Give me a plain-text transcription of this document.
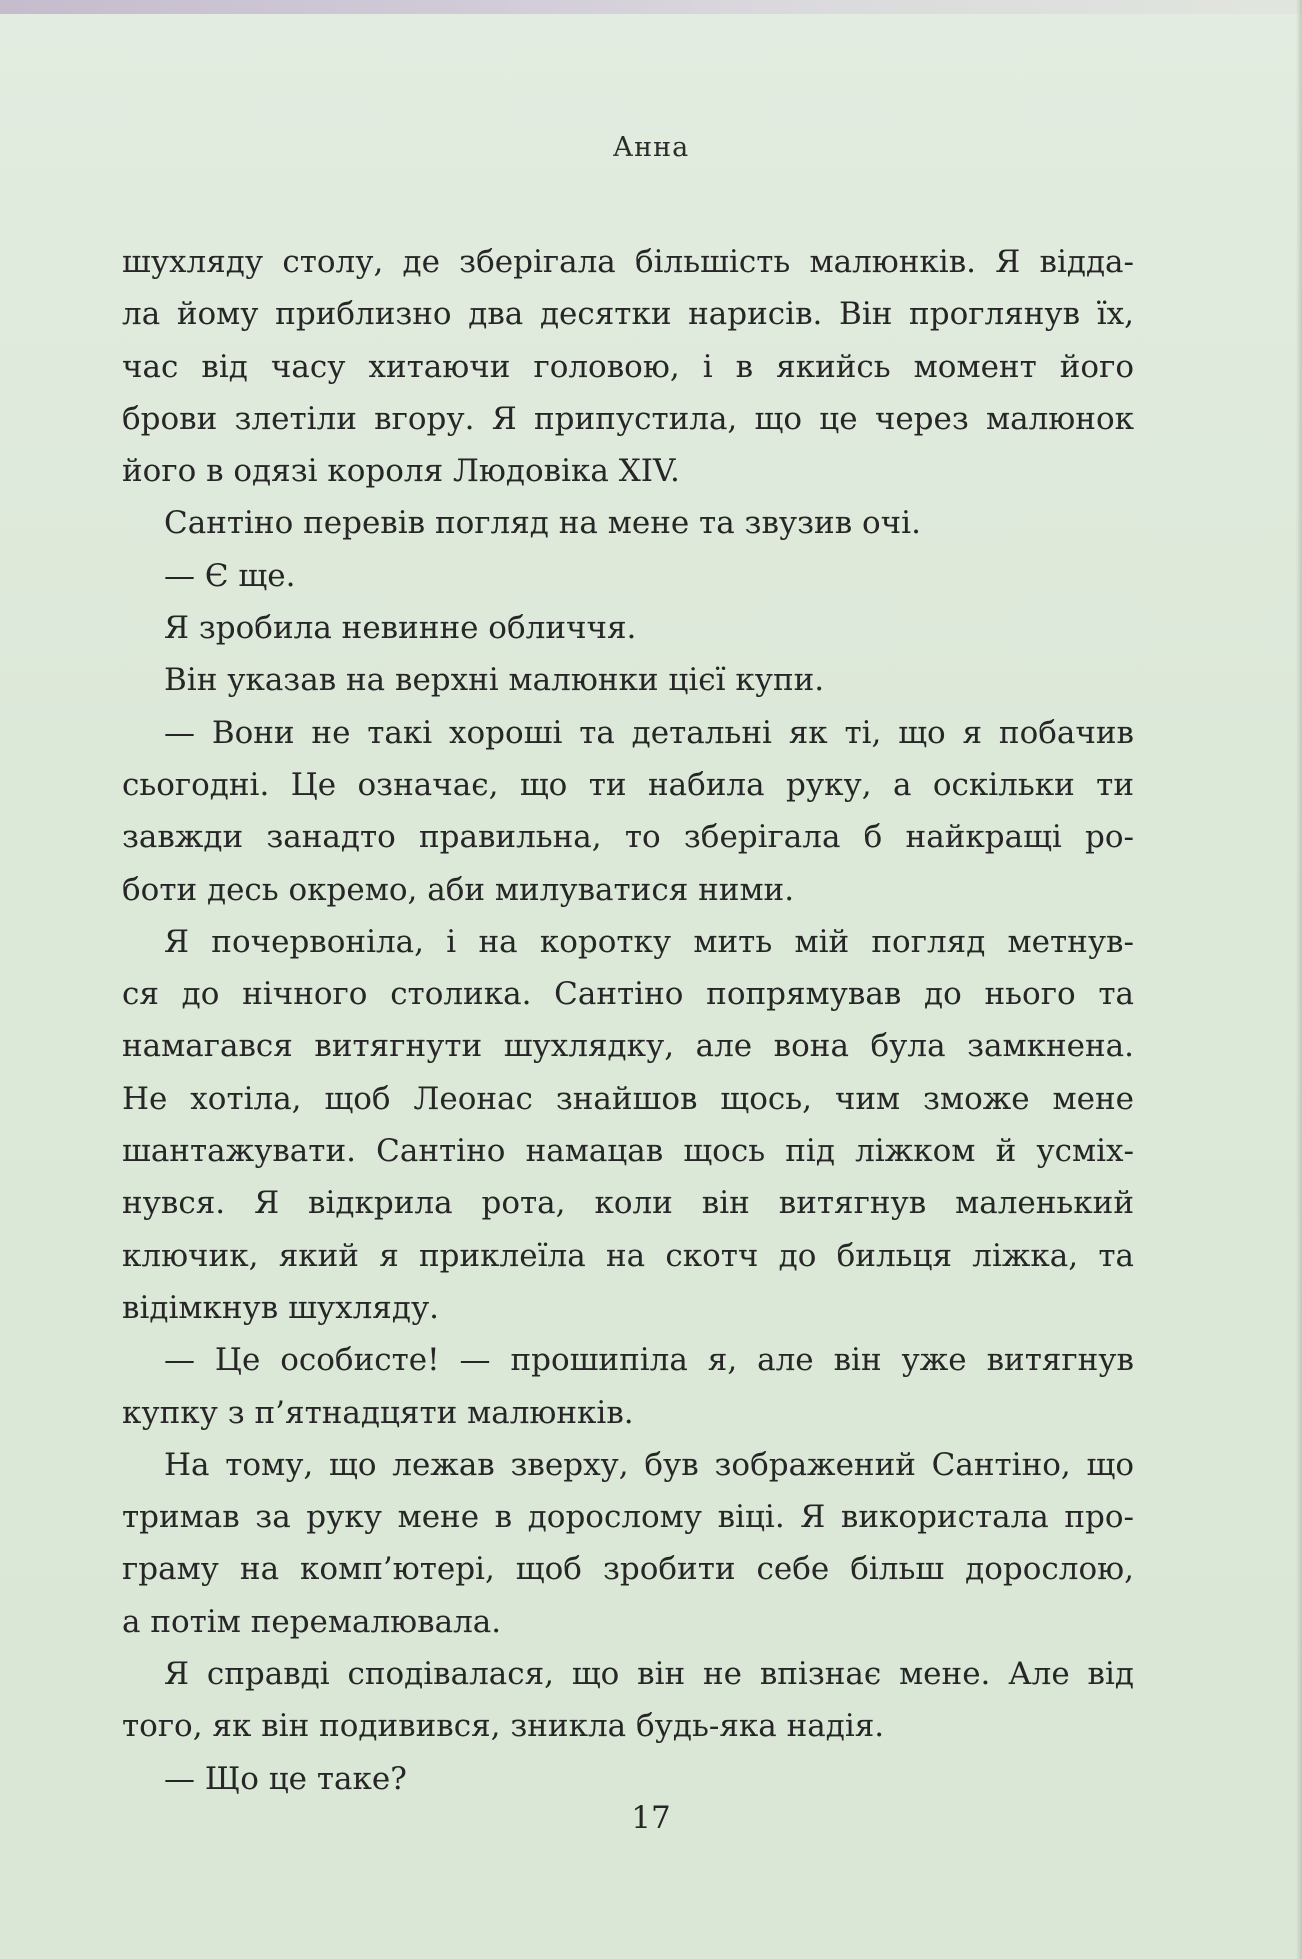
Анна
шухляду столу, де зберігала більшість малюнків. Я відда-
ла йому приблизно два десятки нарисів. Він проглянув їх,
час від часу хитаючи головою, і в якийсь момент його
брови злетіли вгору. Я припустила, що це через малюнок
його в одязі короля Людовіка XIV.
Сантіно перевів погляд на мене та звузив очі.
— Є ще.
Я зробила невинне обличчя.
Він указав на верхні малюнки цієї купи.
— Вони не такі хороші та детальні як ті, що я побачив
сьогодні. Це означає, що ти набила руку, а оскільки ти
завжди занадто правильна, то зберігала б найкращі ро-
боти десь окремо, аби милуватися ними.
Я почервоніла, і на коротку мить мій погляд метнув-
ся до нічного столика. Сантіно попрямував до нього та
намагався витягнути шухлядку, але вона була замкнена.
Не хотіла, щоб Леонас знайшов щось, чим зможе мене
шантажувати. Сантіно намацав щось під ліжком й усміх-
нувся. Я відкрила рота, коли він витягнув маленький
ключик, який я приклеїла на скотч до бильця ліжка, та
відімкнув шухляду.
— Це особисте! — прошипіла я, але він уже витягнув
купку з п’ятнадцяти малюнків.
На тому, що лежав зверху, був зображений Сантіно, що
тримав за руку мене в дорослому віці. Я використала про-
граму на комп’ютері, щоб зробити себе більш дорослою,
а потім перемалювала.
Я справді сподівалася, що він не впізнає мене. Але від
того, як він подивився, зникла будь-яка надія.
— Що це таке?
17
